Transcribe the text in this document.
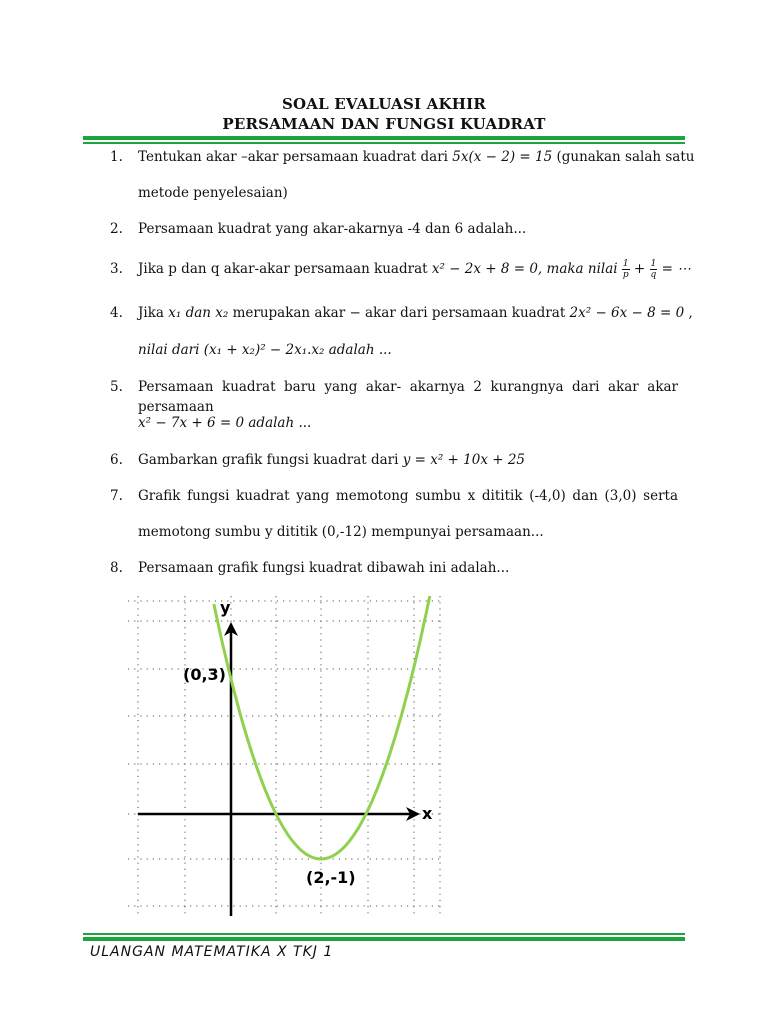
SOAL EVALUASI AKHIR
PERSAMAAN DAN FUNGSI KUADRAT
1.	Tentukan akar –akar persamaan kuadrat dari 5𝑥(𝑥 − 2) = 15 (gunakan salah satu
metode penyelesaian)
2.	Persamaan kuadrat yang akar-akarnya -4 dan 6 adalah...
3.	Jika p dan q akar-akar persamaan kuadrat 𝑥² − 2𝑥 + 8 = 0, 𝑚𝑎𝑘𝑎 𝑛𝑖𝑙𝑎𝑖 $\frac{1}{\text{𝑝}} + \frac{1}{\text{𝑞}}$ = ⋯
4.	Jika 𝑥₁ 𝑑𝑎𝑛 𝑥₂ merupakan akar − akar dari persamaan kuadrat 2𝑥² − 6𝑥 − 8 = 0 ,
𝑛𝑖𝑙𝑎𝑖 𝑑𝑎𝑟𝑖 (𝑥₁ + 𝑥₂)² − 2𝑥₁.𝑥₂ 𝑎𝑑𝑎𝑙𝑎ℎ ...
5.	Persamaan kuadrat baru yang akar- akarnya 2 kurangnya dari akar akar persamaan
𝑥² − 7𝑥 + 6 = 0 𝑎𝑑𝑎𝑙𝑎ℎ ...
6.	Gambarkan grafik fungsi kuadrat dari 𝑦 = 𝑥² + 10𝑥 + 25
7.	Grafik fungsi kuadrat yang memotong sumbu x dititik (-4,0) dan (3,0) serta
memotong sumbu y dititik (0,-12) mempunyai persamaan...
8.	Persamaan grafik fungsi kuadrat dibawah ini adalah...
y
x
(0,3)
(2,-1)
ULANGAN MATEMATIKA X TKJ 1
